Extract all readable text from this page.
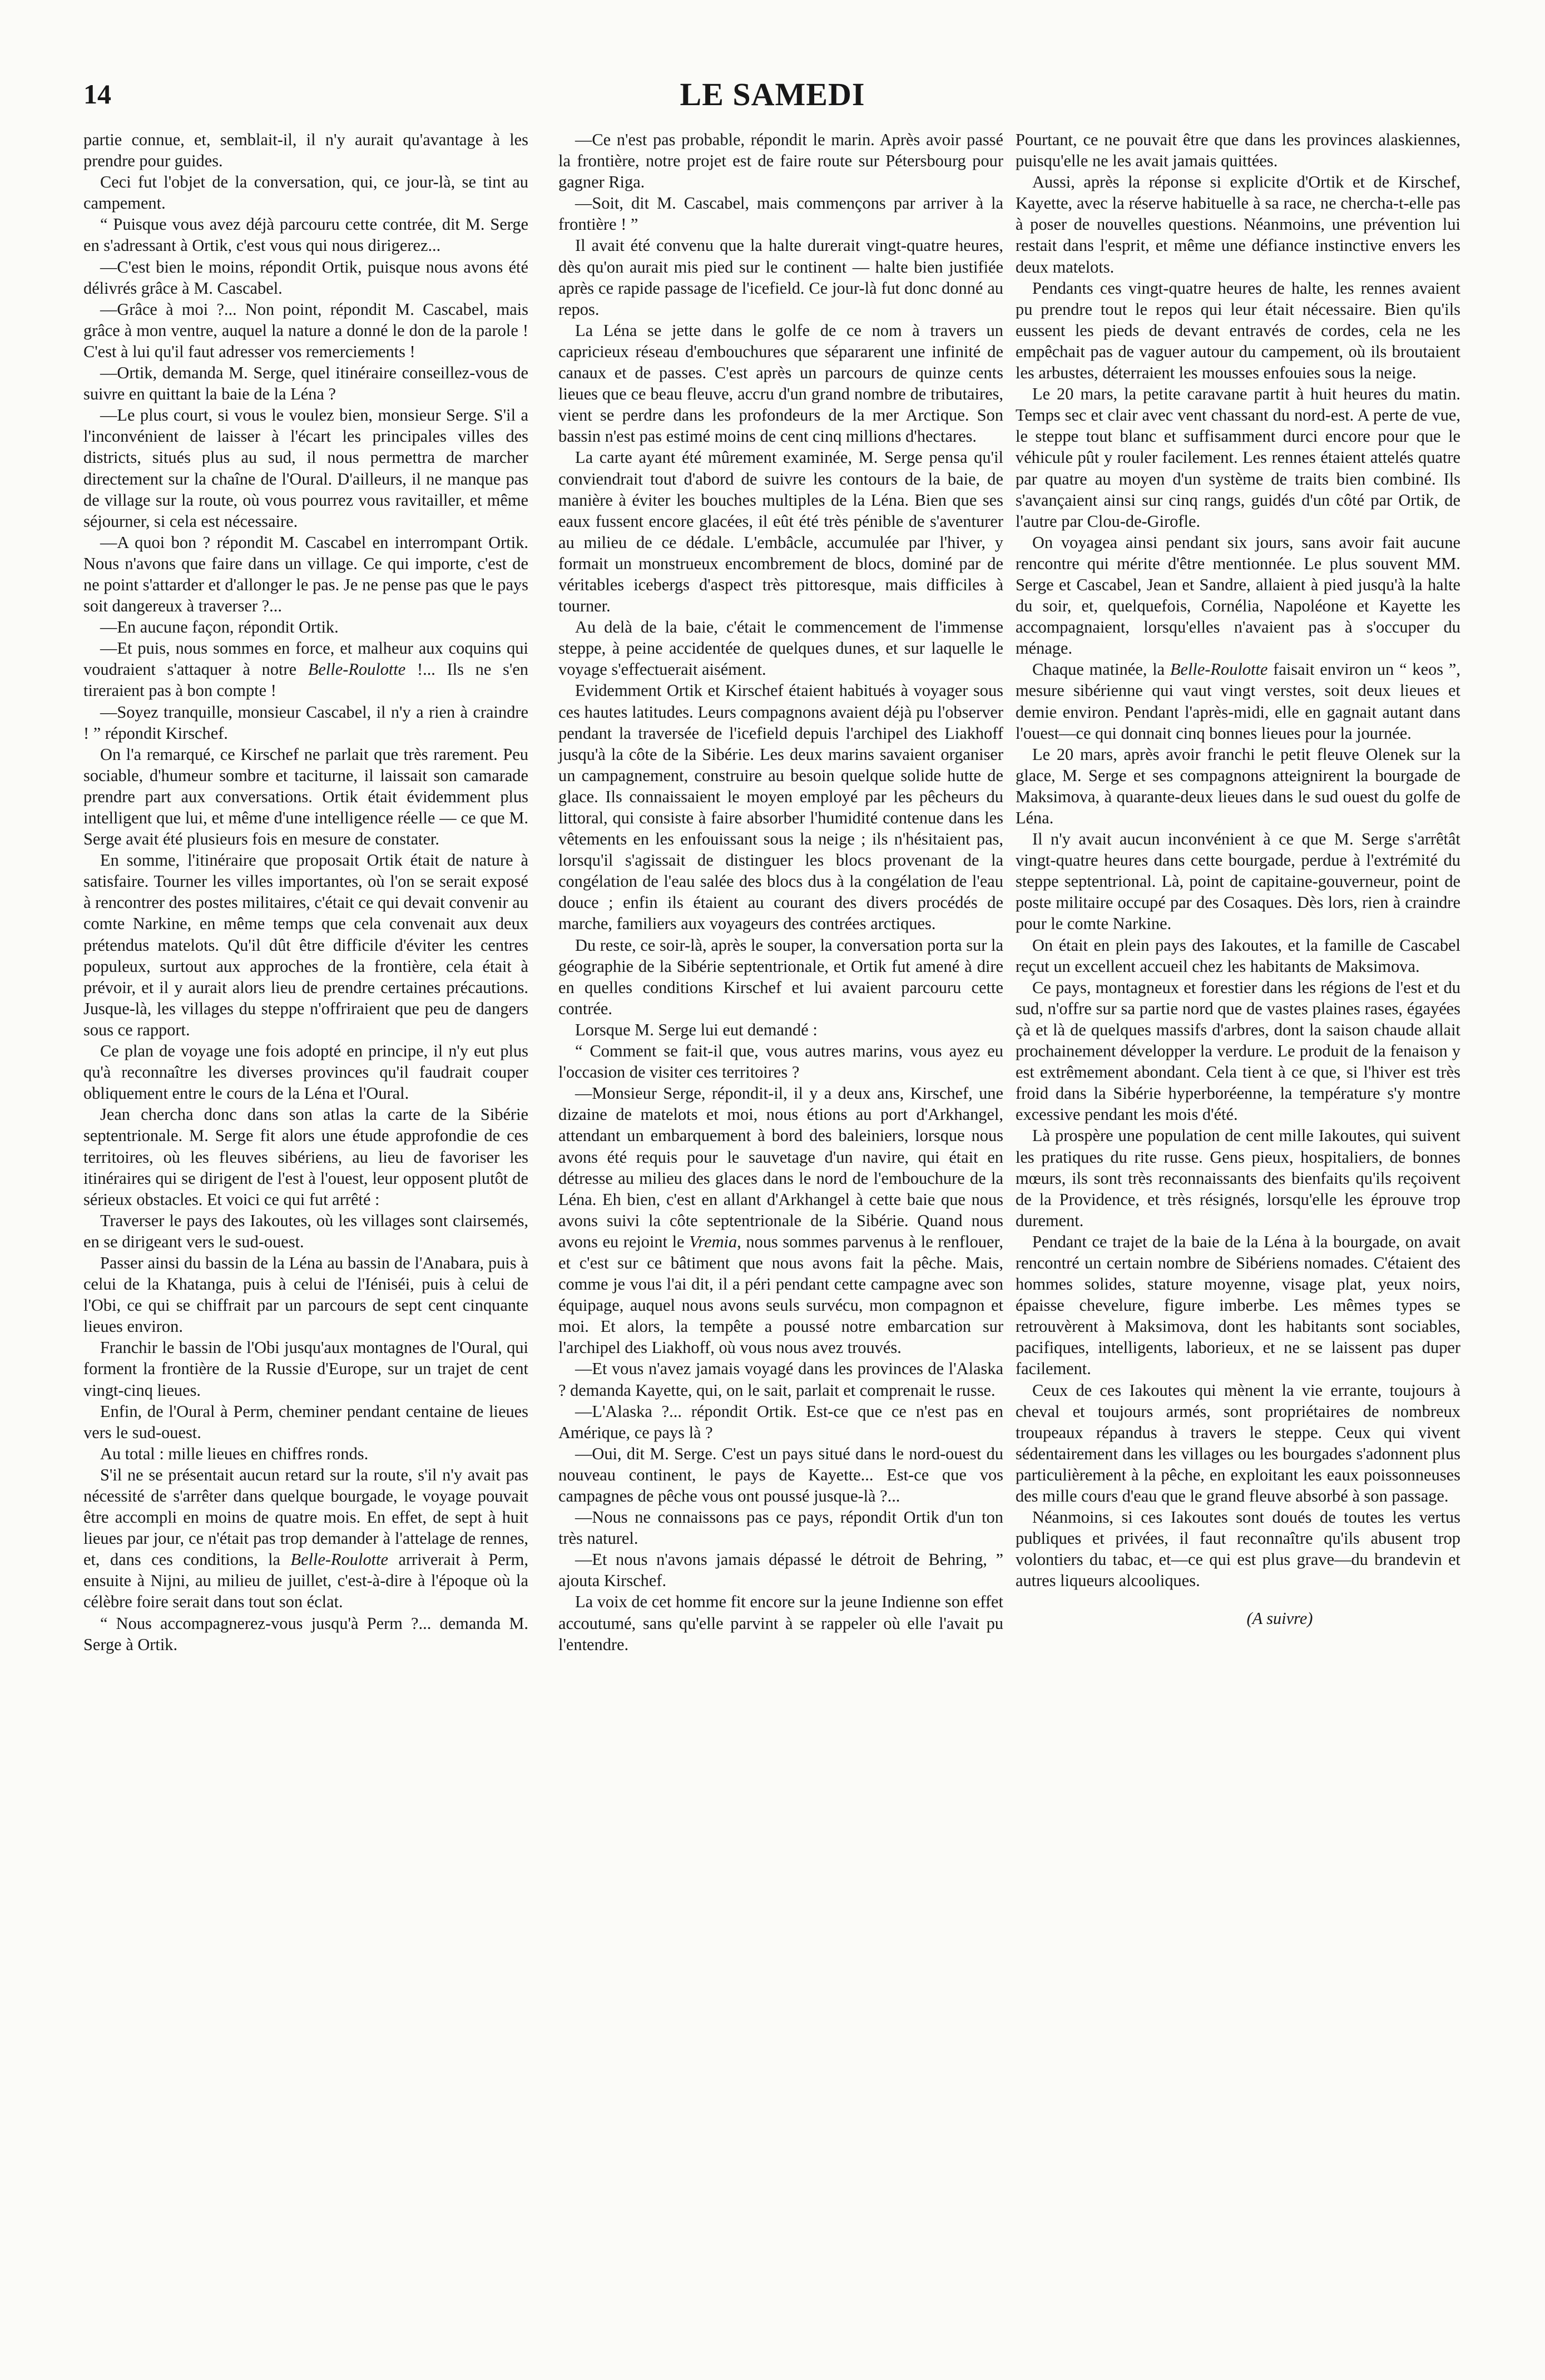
14	LE SAMEDI

partie connue, et, semblait-il, il n'y aurait qu'avantage à les prendre pour guides.

Ceci fut l'objet de la conversation, qui, ce jour-là, se tint au campement.

“ Puisque vous avez déjà parcouru cette contrée, dit M. Serge en s'adressant à Ortik, c'est vous qui nous dirigerez...

—C'est bien le moins, répondit Ortik, puisque nous avons été délivrés grâce à M. Cascabel.

—Grâce à moi ?... Non point, répondit M. Cascabel, mais grâce à mon ventre, auquel la nature a donné le don de la parole ! C'est à lui qu'il faut adresser vos remerciements !

—Ortik, demanda M. Serge, quel itinéraire conseillez-vous de suivre en quittant la baie de la Léna ?

—Le plus court, si vous le voulez bien, monsieur Serge. S'il a l'inconvénient de laisser à l'écart les principales villes des districts, situés plus au sud, il nous permettra de marcher directement sur la chaîne de l'Oural. D'ailleurs, il ne manque pas de village sur la route, où vous pourrez vous ravitailler, et même séjourner, si cela est nécessaire.

—A quoi bon ? répondit M. Cascabel en interrompant Ortik. Nous n'avons que faire dans un village. Ce qui importe, c'est de ne point s'attarder et d'allonger le pas. Je ne pense pas que le pays soit dangereux à traverser ?...

—En aucune façon, répondit Ortik.

—Et puis, nous sommes en force, et malheur aux coquins qui voudraient s'attaquer à notre Belle-Roulotte !... Ils ne s'en tireraient pas à bon compte !

—Soyez tranquille, monsieur Cascabel, il n'y a rien à craindre ! ” répondit Kirschef.

On l'a remarqué, ce Kirschef ne parlait que très rarement. Peu sociable, d'humeur sombre et taciturne, il laissait son camarade prendre part aux conversations. Ortik était évidemment plus intelligent que lui, et même d'une intelligence réelle — ce que M. Serge avait été plusieurs fois en mesure de constater.

En somme, l'itinéraire que proposait Ortik était de nature à satisfaire. Tourner les villes importantes, où l'on se serait exposé à rencontrer des postes militaires, c'était ce qui devait convenir au comte Narkine, en même temps que cela convenait aux deux prétendus matelots. Qu'il dût être difficile d'éviter les centres populeux, surtout aux approches de la frontière, cela était à prévoir, et il y aurait alors lieu de prendre certaines précautions. Jusque-là, les villages du steppe n'offriraient que peu de dangers sous ce rapport.

Ce plan de voyage une fois adopté en principe, il n'y eut plus qu'à reconnaître les diverses provinces qu'il faudrait couper obliquement entre le cours de la Léna et l'Oural.

Jean chercha donc dans son atlas la carte de la Sibérie septentrionale. M. Serge fit alors une étude approfondie de ces territoires, où les fleuves sibériens, au lieu de favoriser les itinéraires qui se dirigent de l'est à l'ouest, leur opposent plutôt de sérieux obstacles. Et voici ce qui fut arrêté :

Traverser le pays des Iakoutes, où les villages sont clairsemés, en se dirigeant vers le sud-ouest.

Passer ainsi du bassin de la Léna au bassin de l'Anabara, puis à celui de la Khatanga, puis à celui de l'Iéniséi, puis à celui de l'Obi, ce qui se chiffrait par un parcours de sept cent cinquante lieues environ.

Franchir le bassin de l'Obi jusqu'aux montagnes de l'Oural, qui forment la frontière de la Russie d'Europe, sur un trajet de cent vingt-cinq lieues.

Enfin, de l'Oural à Perm, cheminer pendant centaine de lieues vers le sud-ouest.

Au total : mille lieues en chiffres ronds.

S'il ne se présentait aucun retard sur la route, s'il n'y avait pas nécessité de s'arrêter dans quelque bourgade, le voyage pouvait être accompli en moins de quatre mois. En effet, de sept à huit lieues par jour, ce n'était pas trop demander à l'attelage de rennes, et, dans ces conditions, la Belle-Roulotte arriverait à Perm, ensuite à Nijni, au milieu de juillet, c'est-à-dire à l'époque où la célèbre foire serait dans tout son éclat.

“ Nous accompagnerez-vous jusqu'à Perm ?... demanda M. Serge à Ortik.

—Ce n'est pas probable, répondit le marin. Après avoir passé la frontière, notre projet est de faire route sur Pétersbourg pour gagner Riga.

—Soit, dit M. Cascabel, mais commençons par arriver à la frontière ! ”

Il avait été convenu que la halte durerait vingt-quatre heures, dès qu'on aurait mis pied sur le continent — halte bien justifiée après ce rapide passage de l'icefield. Ce jour-là fut donc donné au repos.

La Léna se jette dans le golfe de ce nom à travers un capricieux réseau d'embouchures que sépararent une infinité de canaux et de passes. C'est après un parcours de quinze cents lieues que ce beau fleuve, accru d'un grand nombre de tributaires, vient se perdre dans les profondeurs de la mer Arctique. Son bassin n'est pas estimé moins de cent cinq millions d'hectares.

La carte ayant été mûrement examinée, M. Serge pensa qu'il conviendrait tout d'abord de suivre les contours de la baie, de manière à éviter les bouches multiples de la Léna. Bien que ses eaux fussent encore glacées, il eût été très pénible de s'aventurer au milieu de ce dédale. L'embâcle, accumulée par l'hiver, y formait un monstrueux encombrement de blocs, dominé par de véritables icebergs d'aspect très pittoresque, mais difficiles à tourner.

Au delà de la baie, c'était le commencement de l'immense steppe, à peine accidentée de quelques dunes, et sur laquelle le voyage s'effectuerait aisément.

Evidemment Ortik et Kirschef étaient habitués à voyager sous ces hautes latitudes. Leurs compagnons avaient déjà pu l'observer pendant la traversée de l'icefield depuis l'archipel des Liakhoff jusqu'à la côte de la Sibérie. Les deux marins savaient organiser un campagnement, construire au besoin quelque solide hutte de glace. Ils connaissaient le moyen employé par les pêcheurs du littoral, qui consiste à faire absorber l'humidité contenue dans les vêtements en les enfouissant sous la neige ; ils n'hésitaient pas, lorsqu'il s'agissait de distinguer les blocs provenant de la congélation de l'eau salée des blocs dus à la congélation de l'eau douce ; enfin ils étaient au courant des divers procédés de marche, familiers aux voyageurs des contrées arctiques.

Du reste, ce soir-là, après le souper, la conversation porta sur la géographie de la Sibérie septentrionale, et Ortik fut amené à dire en quelles conditions Kirschef et lui avaient parcouru cette contrée.

Lorsque M. Serge lui eut demandé :

“ Comment se fait-il que, vous autres marins, vous ayez eu l'occasion de visiter ces territoires ?

—Monsieur Serge, répondit-il, il y a deux ans, Kirschef, une dizaine de matelots et moi, nous étions au port d'Arkhangel, attendant un embarquement à bord des baleiniers, lorsque nous avons été requis pour le sauvetage d'un navire, qui était en détresse au milieu des glaces dans le nord de l'embouchure de la Léna. Eh bien, c'est en allant d'Arkhangel à cette baie que nous avons suivi la côte septentrionale de la Sibérie. Quand nous avons eu rejoint le Vremia, nous sommes parvenus à le renflouer, et c'est sur ce bâtiment que nous avons fait la pêche. Mais, comme je vous l'ai dit, il a péri pendant cette campagne avec son équipage, auquel nous avons seuls survécu, mon compagnon et moi. Et alors, la tempête a poussé notre embarcation sur l'archipel des Liakhoff, où vous nous avez trouvés.

—Et vous n'avez jamais voyagé dans les provinces de l'Alaska ? demanda Kayette, qui, on le sait, parlait et comprenait le russe.

—L'Alaska ?... répondit Ortik. Est-ce que ce n'est pas en Amérique, ce pays là ?

—Oui, dit M. Serge. C'est un pays situé dans le nord-ouest du nouveau continent, le pays de Kayette... Est-ce que vos campagnes de pêche vous ont poussé jusque-là ?...

—Nous ne connaissons pas ce pays, répondit Ortik d'un ton très naturel.

—Et nous n'avons jamais dépassé le détroit de Behring, ” ajouta Kirschef.

La voix de cet homme fit encore sur la jeune Indienne son effet accoutumé, sans qu'elle parvint à se rappeler où elle l'avait pu l'entendre.

Pourtant, ce ne pouvait être que dans les provinces alaskiennes, puisqu'elle ne les avait jamais quittées.

Aussi, après la réponse si explicite d'Ortik et de Kirschef, Kayette, avec la réserve habituelle à sa race, ne chercha-t-elle pas à poser de nouvelles questions. Néanmoins, une prévention lui restait dans l'esprit, et même une défiance instinctive envers les deux matelots.

Pendants ces vingt-quatre heures de halte, les rennes avaient pu prendre tout le repos qui leur était nécessaire. Bien qu'ils eussent les pieds de devant entravés de cordes, cela ne les empêchait pas de vaguer autour du campement, où ils broutaient les arbustes, déterraient les mousses enfouies sous la neige.

Le 20 mars, la petite caravane partit à huit heures du matin. Temps sec et clair avec vent chassant du nord-est. A perte de vue, le steppe tout blanc et suffisamment durci encore pour que le véhicule pût y rouler facilement. Les rennes étaient attelés quatre par quatre au moyen d'un système de traits bien combiné. Ils s'avançaient ainsi sur cinq rangs, guidés d'un côté par Ortik, de l'autre par Clou-de-Girofle.

On voyagea ainsi pendant six jours, sans avoir fait aucune rencontre qui mérite d'être mentionnée. Le plus souvent MM. Serge et Cascabel, Jean et Sandre, allaient à pied jusqu'à la halte du soir, et, quelquefois, Cornélia, Napoléone et Kayette les accompagnaient, lorsqu'elles n'avaient pas à s'occuper du ménage.

Chaque matinée, la Belle-Roulotte faisait environ un “ keos ”, mesure sibérienne qui vaut vingt verstes, soit deux lieues et demie environ. Pendant l'après-midi, elle en gagnait autant dans l'ouest—ce qui donnait cinq bonnes lieues pour la journée.

Le 20 mars, après avoir franchi le petit fleuve Olenek sur la glace, M. Serge et ses compagnons atteignirent la bourgade de Maksimova, à quarante-deux lieues dans le sud ouest du golfe de Léna.

Il n'y avait aucun inconvénient à ce que M. Serge s'arrêtât vingt-quatre heures dans cette bourgade, perdue à l'extrémité du steppe septentrional. Là, point de capitaine-gouverneur, point de poste militaire occupé par des Cosaques. Dès lors, rien à craindre pour le comte Narkine.

On était en plein pays des Iakoutes, et la famille de Cascabel reçut un excellent accueil chez les habitants de Maksimova.

Ce pays, montagneux et forestier dans les régions de l'est et du sud, n'offre sur sa partie nord que de vastes plaines rases, égayées çà et là de quelques massifs d'arbres, dont la saison chaude allait prochainement développer la verdure. Le produit de la fenaison y est extrêmement abondant. Cela tient à ce que, si l'hiver est très froid dans la Sibérie hyperboréenne, la température s'y montre excessive pendant les mois d'été.

Là prospère une population de cent mille Iakoutes, qui suivent les pratiques du rite russe. Gens pieux, hospitaliers, de bonnes mœurs, ils sont très reconnaissants des bienfaits qu'ils reçoivent de la Providence, et très résignés, lorsqu'elle les éprouve trop durement.

Pendant ce trajet de la baie de la Léna à la bourgade, on avait rencontré un certain nombre de Sibériens nomades. C'étaient des hommes solides, stature moyenne, visage plat, yeux noirs, épaisse chevelure, figure imberbe. Les mêmes types se retrouvèrent à Maksimova, dont les habitants sont sociables, pacifiques, intelligents, laborieux, et ne se laissent pas duper facilement.

Ceux de ces Iakoutes qui mènent la vie errante, toujours à cheval et toujours armés, sont propriétaires de nombreux troupeaux répandus à travers le steppe. Ceux qui vivent sédentairement dans les villages ou les bourgades s'adonnent plus particulièrement à la pêche, en exploitant les eaux poissonneuses des mille cours d'eau que le grand fleuve absorbé à son passage.

Néanmoins, si ces Iakoutes sont doués de toutes les vertus publiques et privées, il faut reconnaître qu'ils abusent trop volontiers du tabac, et—ce qui est plus grave—du brandevin et autres liqueurs alcooliques.

(A suivre)
